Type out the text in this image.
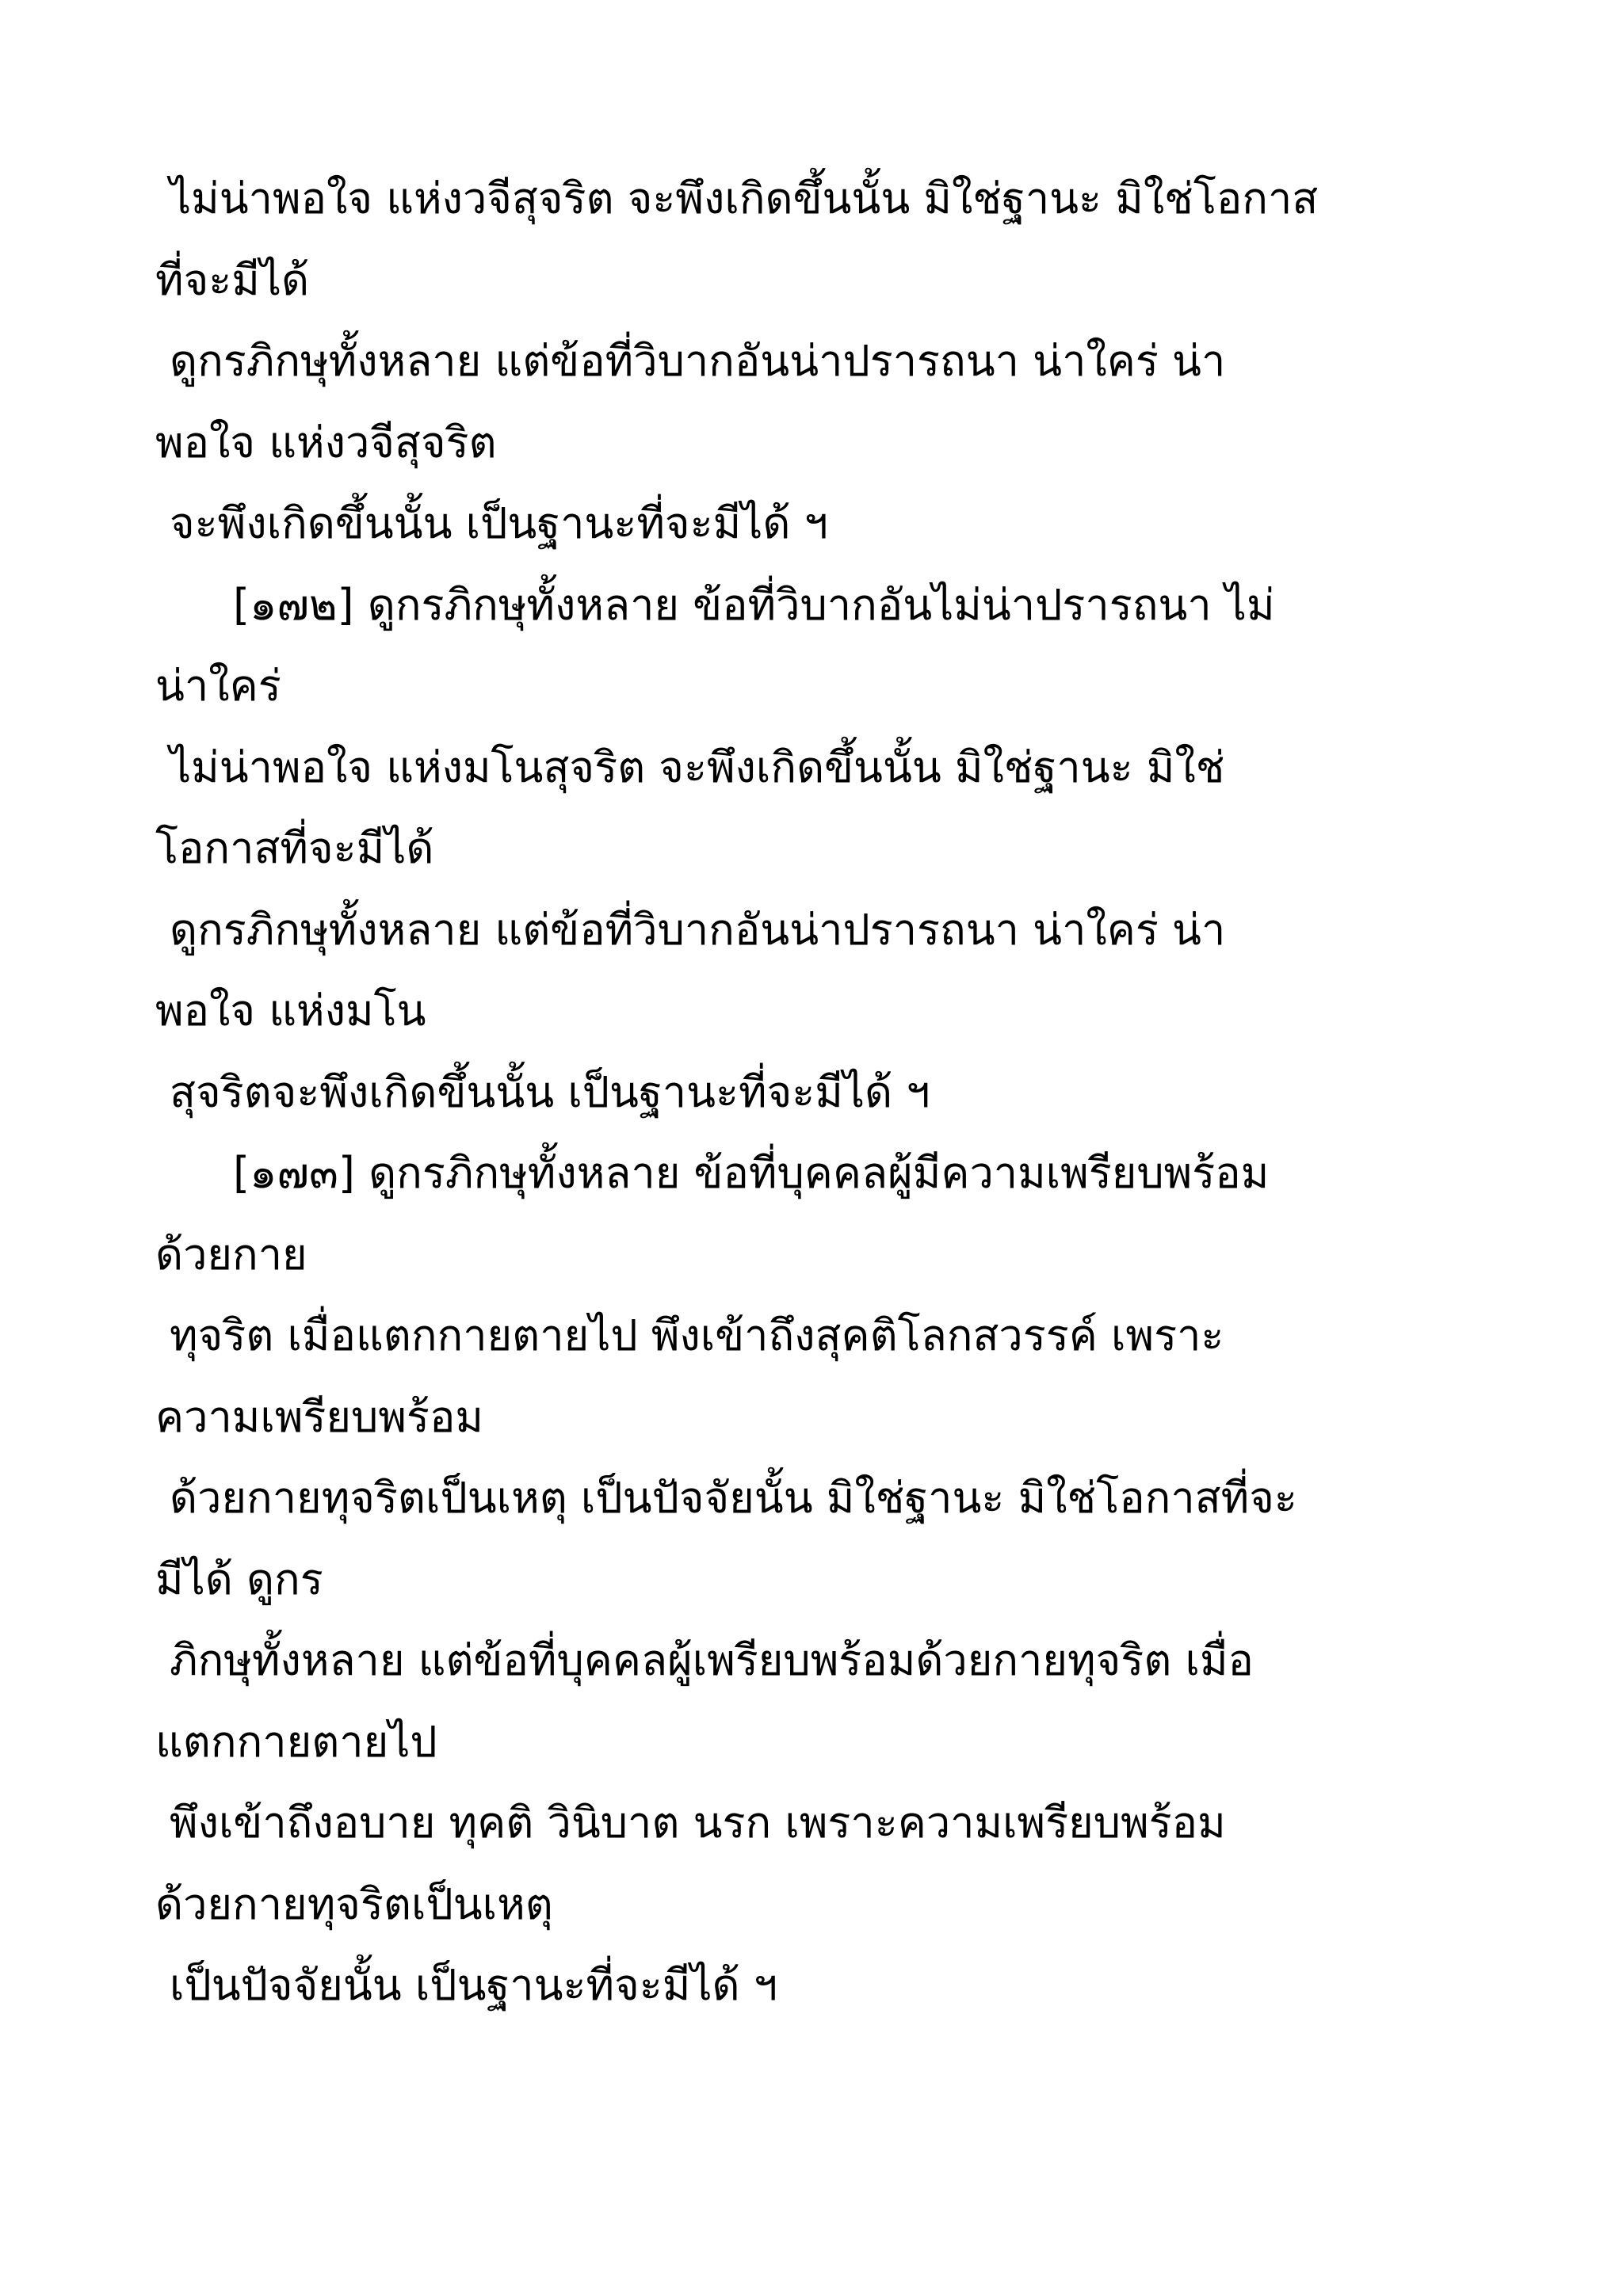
ไม่น่าพอใจ แห่งวจีสุจริต จะพึงเกิดขึ้นนั้น มิใช่ฐานะ มิใช่โอกาส
ที่จะมีได้
ดูกรภิกษุทั้งหลาย แต่ข้อที่วิบากอันน่าปรารถนา น่าใคร่ น่า
พอใจ แห่งวจีสุจริต
จะพึงเกิดขึ้นนั้น เป็นฐานะที่จะมีได้ ฯ
[๑๗๒] ดูกรภิกษุทั้งหลาย ข้อที่วิบากอันไม่น่าปรารถนา ไม่
น่าใคร่
ไม่น่าพอใจ แห่งมโนสุจริต จะพึงเกิดขึ้นนั้น มิใช่ฐานะ มิใช่
โอกาสที่จะมีได้
ดูกรภิกษุทั้งหลาย แต่ข้อที่วิบากอันน่าปรารถนา น่าใคร่ น่า
พอใจ แห่งมโน
สุจริตจะพึงเกิดขึ้นนั้น เป็นฐานะที่จะมีได้ ฯ
[๑๗๓] ดูกรภิกษุทั้งหลาย ข้อที่บุคคลผู้มีความเพรียบพร้อม
ด้วยกาย
ทุจริต เมื่อแตกกายตายไป พึงเข้าถึงสุคติโลกสวรรค์ เพราะ
ความเพรียบพร้อม
ด้วยกายทุจริตเป็นเหตุ เป็นปัจจัยนั้น มิใช่ฐานะ มิใช่โอกาสที่จะ
มีได้ ดูกร
ภิกษุทั้งหลาย แต่ข้อที่บุคคลผู้เพรียบพร้อมด้วยกายทุจริต เมื่อ
แตกกายตายไป
พึงเข้าถึงอบาย ทุคติ วินิบาต นรก เพราะความเพรียบพร้อม
ด้วยกายทุจริตเป็นเหตุ
เป็นปัจจัยนั้น เป็นฐานะที่จะมีได้ ฯ
